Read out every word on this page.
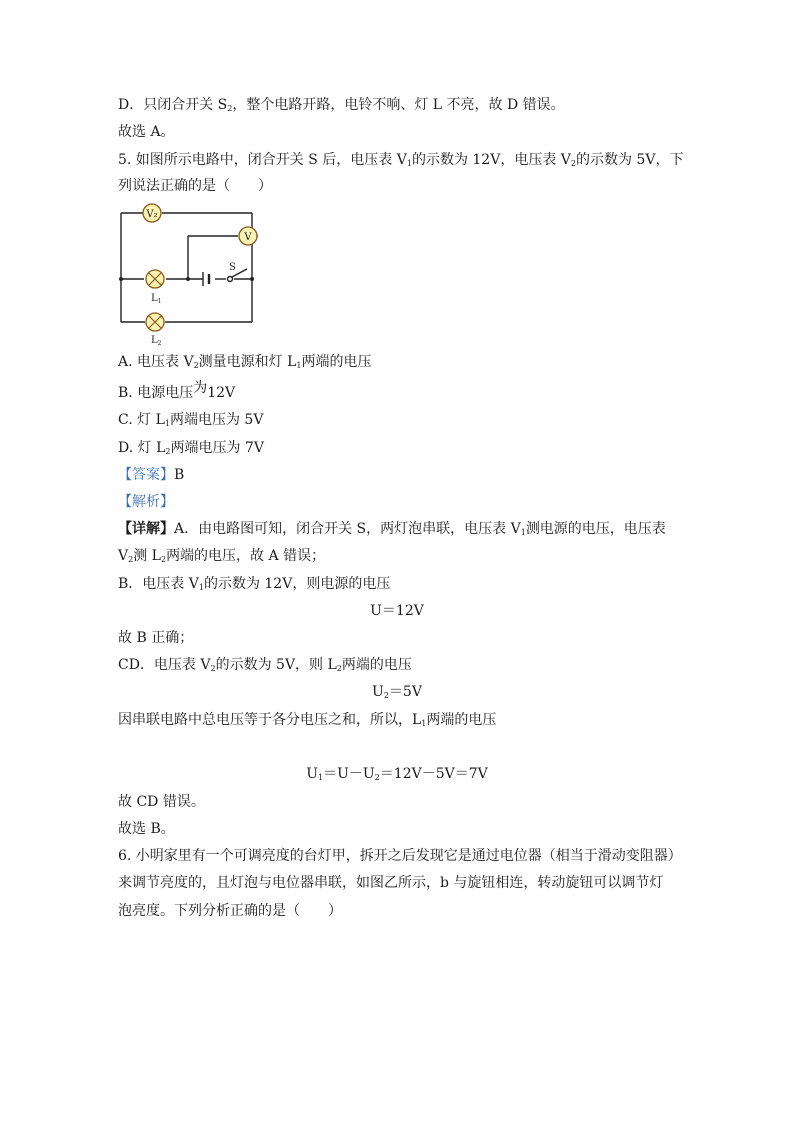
D．只闭合开关 $S_2$，整个电路开路，电铃不响、灯 L 不亮，故 D 错误。
故选 A。
5. 如图所示电路中，闭合开关 S 后，电压表 $V_1$的示数为 12V，电压表 $V_2$的示数为 5V，下
列说法正确的是（　　）
V₂
V
S
$L_1$
$L_2$
A. 电压表 $V_2$测量电源和灯 $L_1$两端的电压
B. 电源电压为12V
C. 灯 $L_1$两端电压为 5V
D. 灯 $L_2$两端电压为 7V
【答案】B
【解析】
【详解】A．由电路图可知，闭合开关 S，两灯泡串联，电压表 $V_1$测电源的电压，电压表
$V_2$测 $L_2$两端的电压，故 A 错误；
B．电压表 $V_1$的示数为 12V，则电源的电压
U＝12V
故 B 正确；
CD．电压表 $V_2$的示数为 5V，则 $L_2$两端的电压
$U_2=5V$
因串联电路中总电压等于各分电压之和，所以，$L_1$两端的电压
$U_1=U-U_2=12V-5V=7V$
故 CD 错误。
故选 B。
6. 小明家里有一个可调亮度的台灯甲，拆开之后发现它是通过电位器（相当于滑动变阻器）
来调节亮度的，且灯泡与电位器串联，如图乙所示，b 与旋钮相连，转动旋钮可以调节灯
泡亮度。下列分析正确的是（　　）
